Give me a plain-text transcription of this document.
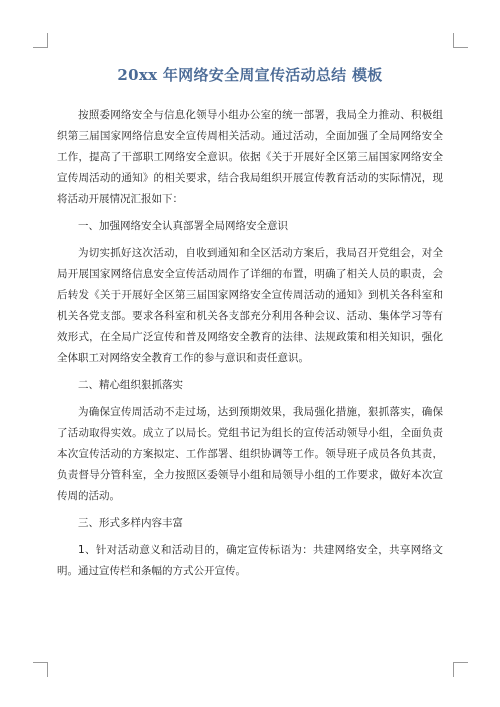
20xx 年网络安全周宣传活动总结 模板

按照委网络安全与信息化领导小组办公室的统一部署，我局全力推动、积极组织第三届国家网络信息安全宣传周相关活动。通过活动，全面加强了全局网络安全工作，提高了干部职工网络安全意识。依据《关于开展好全区第三届国家网络安全宣传周活动的通知》的相关要求，结合我局组织开展宣传教育活动的实际情况，现将活动开展情况汇报如下：

一、加强网络安全认真部署全局网络安全意识

为切实抓好这次活动，自收到通知和全区活动方案后，我局召开党组会，对全局开展国家网络信息安全宣传活动周作了详细的布置，明确了相关人员的职责，会后转发《关于开展好全区第三届国家网络安全宣传周活动的通知》到机关各科室和机关各党支部。要求各科室和机关各支部充分利用各种会议、活动、集体学习等有效形式，在全局广泛宣传和普及网络安全教育的法律、法规政策和相关知识，强化全体职工对网络安全教育工作的参与意识和责任意识。

二、精心组织狠抓落实

为确保宣传周活动不走过场，达到预期效果，我局强化措施，狠抓落实，确保了活动取得实效。成立了以局长。党组书记为组长的宣传活动领导小组，全面负责本次宣传活动的方案拟定、工作部署、组织协调等工作。领导班子成员各负其责，负责督导分管科室，全力按照区委领导小组和局领导小组的工作要求，做好本次宣传周的活动。

三、形式多样内容丰富

1、针对活动意义和活动目的，确定宣传标语为：共建网络安全，共享网络文明。通过宣传栏和条幅的方式公开宣传。
